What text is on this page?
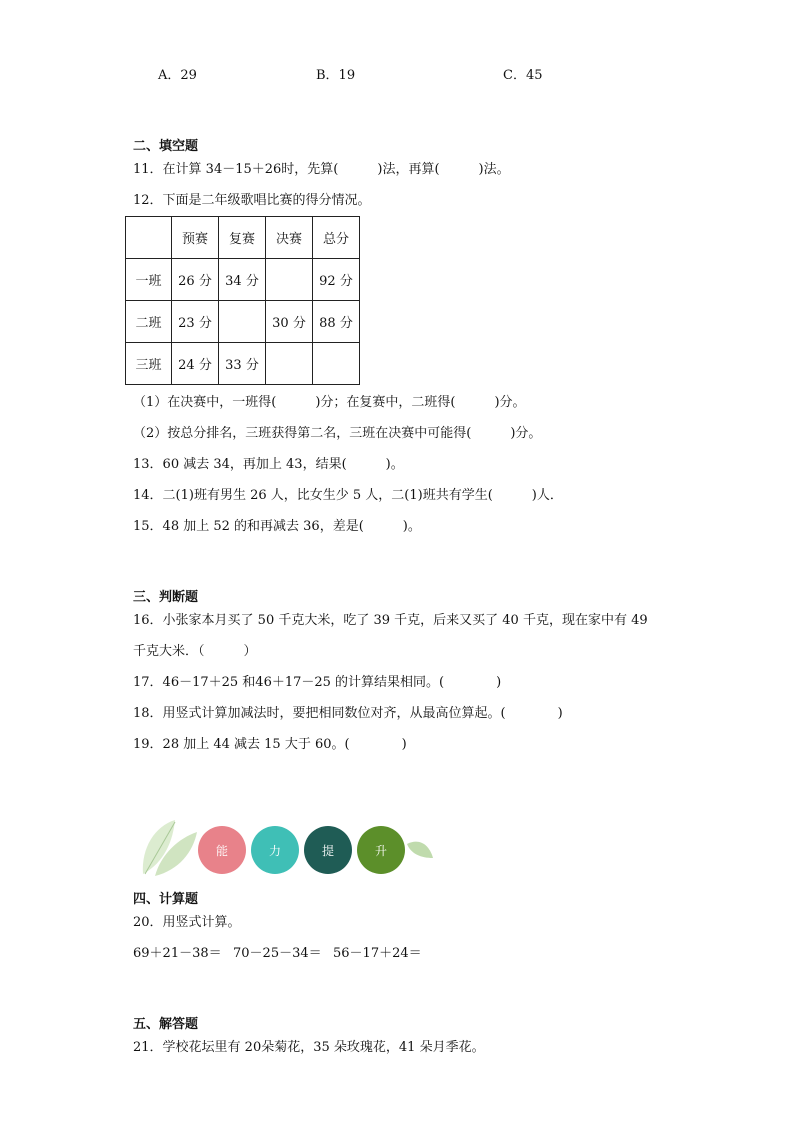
A．29	B．19	C．45
二、填空题
11．在计算 34－15＋26时，先算(　　　)法，再算(　　　)法。
12．下面是二年级歌唱比赛的得分情况。
	预赛	复赛	决赛	总分
一班	26 分	34 分		92 分
二班	23 分		30 分	88 分
三班	24 分	33 分		
（1）在决赛中，一班得(　　　)分；在复赛中，二班得(　　　)分。
（2）按总分排名，三班获得第二名，三班在决赛中可能得(　　　)分。
13．60 减去 34，再加上 43，结果(　　　)。
14．二(1)班有男生 26 人，比女生少 5 人，二(1)班共有学生(　　　)人．
15．48 加上 52 的和再减去 36，差是(　　　)。
三、判断题
16．小张家本月买了 50 千克大米，吃了 39 千克，后来又买了 40 千克，现在家中有 49
千克大米．（　　　）
17．46－17＋25 和46＋17－25 的计算结果相同。(　　　　)
18．用竖式计算加减法时，要把相同数位对齐，从最高位算起。(　　　　)
19．28 加上 44 减去 15 大于 60。(　　　　)
能	力	提	升
四、计算题
20．用竖式计算。
69＋21－38＝ 70－25－34＝ 56－17＋24＝
五、解答题
21．学校花坛里有 20朵菊花，35 朵玫瑰花，41 朵月季花。
